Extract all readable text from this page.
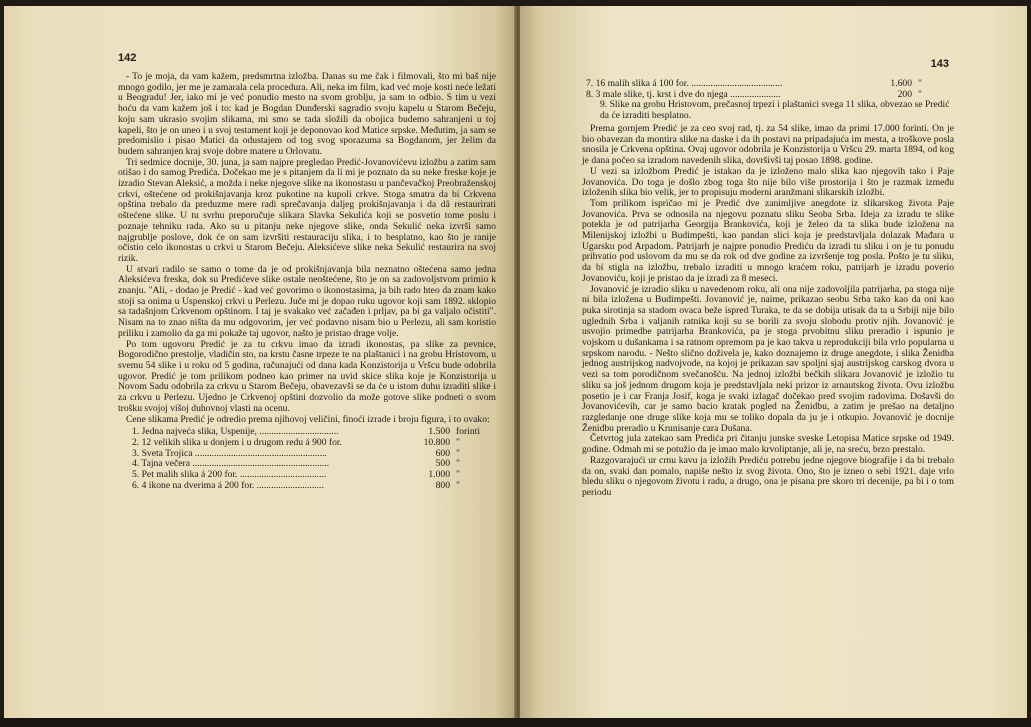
142

- To je moja, da vam kažem, predsmrtna izložba. Danas su me čak i filmovali, što mi baš nije mnogo godilo, jer me je zamarala cela procedura. Ali, neka im film, kad već moje kosti neće ležati u Beogradu! Jer, iako mi je već ponudio mesto na svom groblju, ja sam to odbio. S tim u vezi hoću da vam kažem još i to: kad je Bogdan Dunđerski sagradio svoju kapelu u Starom Bečeju, koju sam ukrasio svojim slikama, mi smo se tada složili da obojica budemo sahranjeni u toj kapeli, što je on uneo i u svoj testament koji je deponovao kod Matice srpske. Međutim, ja sam se predomislio i pisao Matici da odustajem od tog svog sporazuma sa Bogdanom, jer želim da budem sahranjen kraj svoje dobre matere u Orlovatu.

Tri sedmice docnije, 30. juna, ja sam najpre pregledao Predić-Jovanovićevu izložbu a zatim sam otišao i do samog Predića. Dočekao me je s pitanjem da li mi je poznato da su neke freske koje je izradio Stevan Aleksić, a možda i neke njegove slike na ikonostasu u pančevačkoj Preobraženskoj crkvi, oštećene od prokišnjavanja kroz pukotine na kupoli crkve. Stoga smatra da bi Crkvena opština trebalo da preduzme mere radi sprečavanja daljeg prokišnjavanja i da dâ restaurirati oštećene slike. U tu svrhu preporučuje slikara Slavka Sekulića koji se posvetio tome poslu i poznaje tehniku rada. Ako su u pitanju neke njegove slike, onda Sekulić neka izvrši samo najgrublje poslove, dok će on sam izvršiti restauraciju slika, i to besplatno, kao što je ranije očistio celo ikonostas u crkvi u Starom Bečeju. Aleksićeve slike neka Sekulić restaurira na svoj rizik.

U stvari radilo se samo o tome da je od prokišnjavanja bila neznatno oštećena samo jedna Aleksićeva freska, dok su Predićeve slike ostale neoštećene, što je on sa zadovoljstvom primio k znanju. "Ali, - dodao je Predić - kad već govorimo o ikonostasima, ja bih rado hteo da znam kako stoji sa onima u Uspenskoj crkvi u Perlezu. Juče mi je dopao ruku ugovor koji sam 1892. sklopio sa tadašnjom Crkvenom opštinom. I taj je svakako već začađen i prljav, pa bi ga valjalo očistiti". Nisam na to znao ništa da mu odgovorim, jer već podavno nisam bio u Perlezu, ali sam koristio priliku i zamolio da ga mi pokaže taj ugovor, našto je pristao drage volje.

Po tom ugovoru Predić je za tu crkvu imao da izradi ikonostas, pa slike za pevnice, Bogorodično prestolje, vladičin sto, na krstu časne trpeze te na plaštanici i na grobu Hristovom, u svemu 54 slike i u roku od 5 godina, računajući od dana kada Konzistorija u Vršcu bude odobrila ugovor. Predić je tom prilikom podneo kao primer na uvid skice slika koje je Konzistorija u Novom Sadu odobrila za crkvu u Starom Bečeju, obavezavši se da će u istom duhu izraditi slike i za crkvu u Perlezu. Ujedno je Crkvenoj opštini dozvolio da može gotove slike podneti o svom trošku svojoj višoj duhovnoj vlasti na ocenu.

Cene slikama Predić je odredio prema njihovoj veličini, finoći izrade i broju figura, i to ovako:

1. Jedna najveća slika, Uspenije, .................................	1.500 forinti
2. 12 velikih slika u donjem i u drugom redu á 900 for.	10.800 "
3. Sveta Trojica .......................................................	600 "
4. Tajna večera .........................................................	500 "
5. Pet malih slika á 200 for. ....................................	1.000 "
6. 4 ikone na dverima á 200 for. ............................	800 "
143
7. 16 malih slika á 100 for. ......................................	1.600 "
8. 3 male slike, tj. krst i dve do njega .....................	200 "
9. Slike na grobu Hristovom, prečasnoj trpezi i plaštanici svega 11 slika, obvezao se Predić da će izraditi besplatno.

Prema gornjem Predić je za ceo svoj rad, tj. za 54 slike, imao da primi 17.000 forinti. On je bio obavezan da montira slike na daske i da ih postavi na pripadajuća im mesta, a troškove posla snosila je Crkvena opština. Ovaj ugovor odobrila je Konzistorija u Vršcu 29. marta 1894, od kog je dana počeo sa izradom navedenih slika, dovršivši taj posao 1898. godine.

U vezi sa izložbom Predić je istakao da je izloženo malo slika kao njegovih tako i Paje Jovanovića. Do toga je došlo zbog toga što nije bilo više prostorija i što je razmak između izloženih slika bio velik, jer to propisuju moderni aranžmani slikarskih izložbi.

Tom prilikom ispričao mi je Predić dve zanimljive anegdote iz slikarskog života Paje Jovanovića. Prva se odnosila na njegovu poznatu sliku Seoba Srba. Ideja za izradu te slike potekla je od patrijarha Georgija Brankovića, koji je želeo da ta slika bude izložena na Milenijskoj izložbi u Budimpešti, kao pandan slici koja je predstavljala dolazak Mađara u Ugarsku pod Arpadom. Patrijarh je najpre ponudio Prediću da izradi tu sliku i on je tu ponudu prihvatio pod uslovom da mu se da rok od dve godine za izvršenje tog posla. Pošto je tu sliku, da bi stigla na izložbu, trebalo izraditi u mnogo kraćem roku, patrijarh je izradu poverio Jovanoviću, koji je pristao da je izradi za 8 meseci.

Jovanović je izradio sliku u navedenom roku, ali ona nije zadovoljila patrijarha, pa stoga nije ni bila izložena u Budimpešti. Jovanović je, naime, prikazao seobu Srba tako kao da oni kao puka sirotinja sa stadom ovaca beže ispred Turaka, te da se dobija utisak da ta u Srbiji nije bilo uglednih Srba i valjanih ratnika koji su se borili za svoju slobodu protiv njih. Jovanović je usvojio primedbe patrijarha Brankovića, pa je stoga prvobitnu sliku preradio i ispunio je vojskom u dušankama i sa ratnom opremom pa je kao takva u reprodukciji bila vrlo popularna u srpskom narodu. - Nešto slično doživela je, kako doznajemo iz druge anegdote, i slika Ženidba jednog austrijskog nadvojvode, na kojoj je prikazan sav spoljni sjaj austrijskog carskog dvora u vezi sa tom porodičnom svečanošću. Na jednoj izložbi bečkih slikara Jovanović je izložio tu sliku sa još jednom drugom koja je predstavljala neki prizor iz arnautskog života. Ovu izložbu posetio je i car Franja Josif, koga je svaki izlagač dočekao pred svojim radovima. Došavši do Jovanovićevih, car je samo bacio kratak pogled na Ženidbu, a zatim je prešao na detaljno razgledanje one druge slike koja mu se toliko dopala da ju je i otkupio. Jovanović je docnije Ženidbu preradio u Krunisanje cara Dušana.

Četvrtog jula zatekao sam Predića pri čitanju junske sveske Letopisa Matice srpske od 1949. godine. Odmah mi se potužio da je imao malo krvoliptanje, ali je, na sreću, brzo prestalo.

Razgovarajući ur crnu kavu ja izložih Prediću potrebu jedne njegove biografije i da bi trebalo da on, svaki dan pomalo, napiše nešto iz svog života. Ono, što je izneo o sebi 1921. daje vrlo bledu sliku o njegovom životu i radu, a drugo, ona je pisana pre skoro tri decenije, pa bi i o tom periodu
